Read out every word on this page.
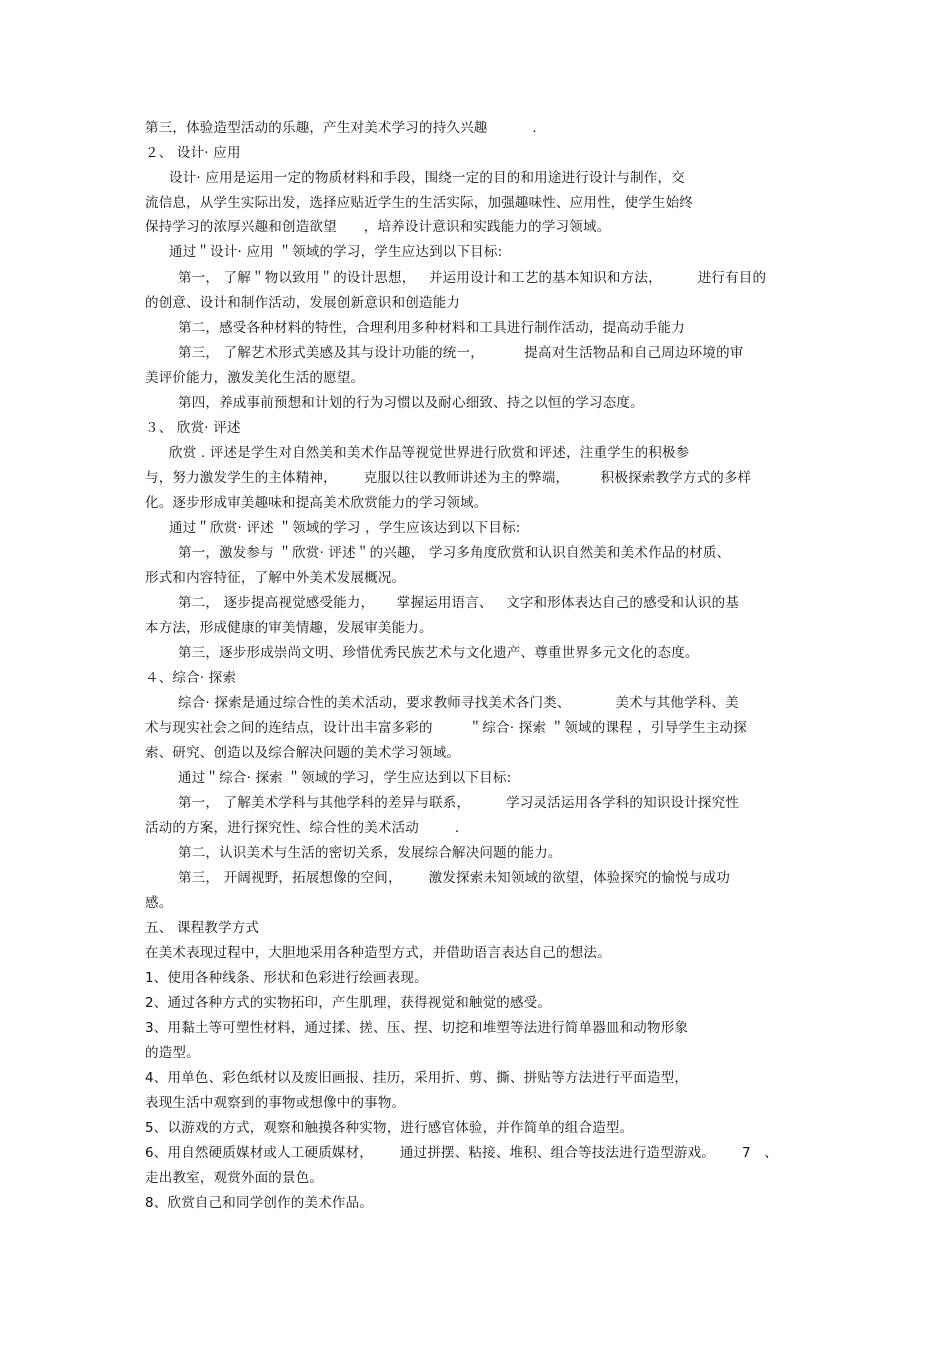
第三，体验造型活动的乐趣，产生对美术学习的持久兴趣          .
２、 设计· 应用
设计· 应用是运用一定的物质材料和手段，围绕一定的目的和用途进行设计与制作，交
流信息，从学生实际出发，选择应贴近学生的生活实际，加强趣味性、应用性，使学生始终
保持学习的浓厚兴趣和创造欲望      ，培养设计意识和实践能力的学习领域。
通过＂设计· 应用 ＂领域的学习，学生应达到以下目标:
第一， 了解＂物以致用＂的设计思想，   并运用设计和工艺的基本知识和方法，        进行有目的
的创意、设计和制作活动，发展创新意识和创造能力
第二，感受各种材料的特性，合理利用多种材料和工具进行制作活动，提高动手能力
第三， 了解艺术形式美感及其与设计功能的统一，         提高对生活物品和自己周边环境的审
美评价能力，激发美化生活的愿望。
第四，养成事前预想和计划的行为习惯以及耐心细致、持之以恒的学习态度。
３、 欣赏· 评述
欣赏 . 评述是学生对自然美和美术作品等视觉世界进行欣赏和评述，注重学生的积极参
与，努力激发学生的主体精神，      克服以往以教师讲述为主的弊端，       积极探索教学方式的多样
化。逐步形成审美趣味和提高美术欣赏能力的学习领域。
通过＂欣赏· 评述 ＂领域的学习 ，学生应该达到以下目标:
第一，激发参与 ＂欣赏· 评述＂的兴趣， 学习多角度欣赏和认识自然美和美术作品的材质、
形式和内容特征，了解中外美术发展概况。
第二， 逐步提高视觉感受能力，     掌握运用语言、   文字和形体表达自己的感受和认识的基
本方法，形成健康的审美情趣，发展审美能力。
第三，逐步形成崇尚文明、珍惜优秀民族艺术与文化遗产、尊重世界多元文化的态度。
４、综合· 探索
综合· 探索是通过综合性的美术活动，要求教师寻找美术各门类、          美术与其他学科、美
术与现实社会之间的连结点，设计出丰富多彩的        ＂综合· 探索 ＂领域的课程 ，引导学生主动探
索、研究、创造以及综合解决问题的美术学习领域。
通过＂综合· 探索 ＂领域的学习，学生应达到以下目标:
第一， 了解美术学科与其他学科的差异与联系，        学习灵活运用各学科的知识设计探究性
活动的方案，进行探究性、综合性的美术活动        .
第二，认识美术与生活的密切关系，发展综合解决问题的能力。
第三， 开阔视野，拓展想像的空间，      激发探索未知领域的欲望，体验探究的愉悦与成功
感。
五、 课程教学方式
在美术表现过程中，大胆地采用各种造型方式，并借助语言表达自己的想法。
1、使用各种线条、形状和色彩进行绘画表现。
2、通过各种方式的实物拓印，产生肌理，获得视觉和触觉的感受。
3、用黏土等可塑性材料，通过揉、搓、压、捏、切挖和堆塑等法进行简单器皿和动物形象
的造型。
4、用单色、彩色纸材以及废旧画报、挂历，采用折、剪、撕、拼贴等方法进行平面造型，
表现生活中观察到的事物或想像中的事物。
5、以游戏的方式，观察和触摸各种实物，进行感官体验，并作简单的组合造型。
6、用自然硬质媒材或人工硬质媒材，      通过拼摆、粘接、堆积、组合等技法进行造型游戏。      7   、
走出教室，观赏外面的景色。
8、欣赏自己和同学创作的美术作品。
